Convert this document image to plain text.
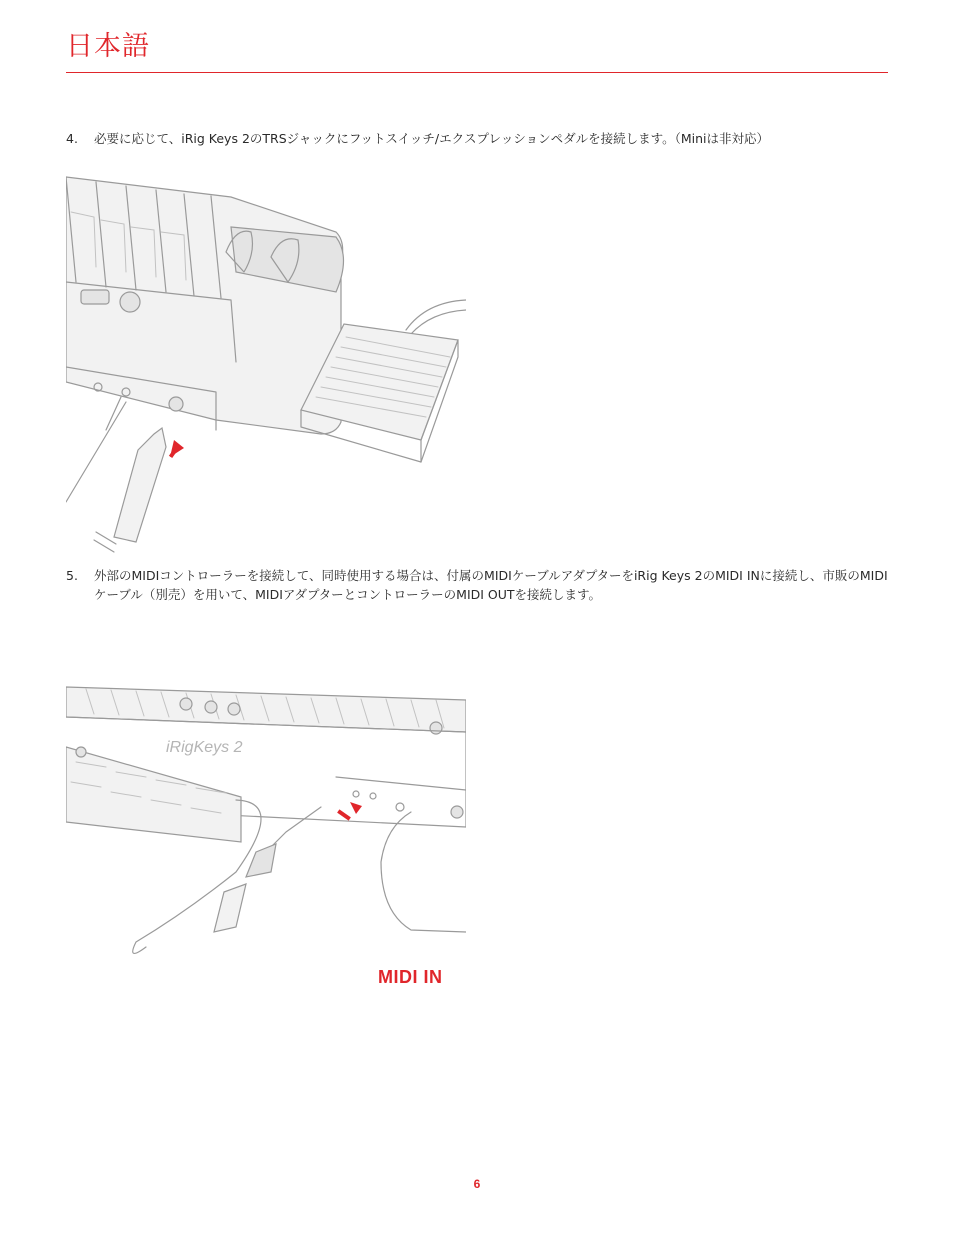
日本語
4.	必要に応じて、iRig Keys 2のTRSジャックにフットスイッチ/エクスプレッションペダルを接続します。（Miniは非対応）
5.	外部のMIDIコントローラーを接続して、同時使用する場合は、付属のMIDIケーブルアダプターをiRig Keys 2のMIDI INに接続し、市販のMIDIケーブル（別売）を用いて、MIDIアダプターとコントローラーのMIDI OUTを接続します。
iRigKeys 2
MIDI IN
6
